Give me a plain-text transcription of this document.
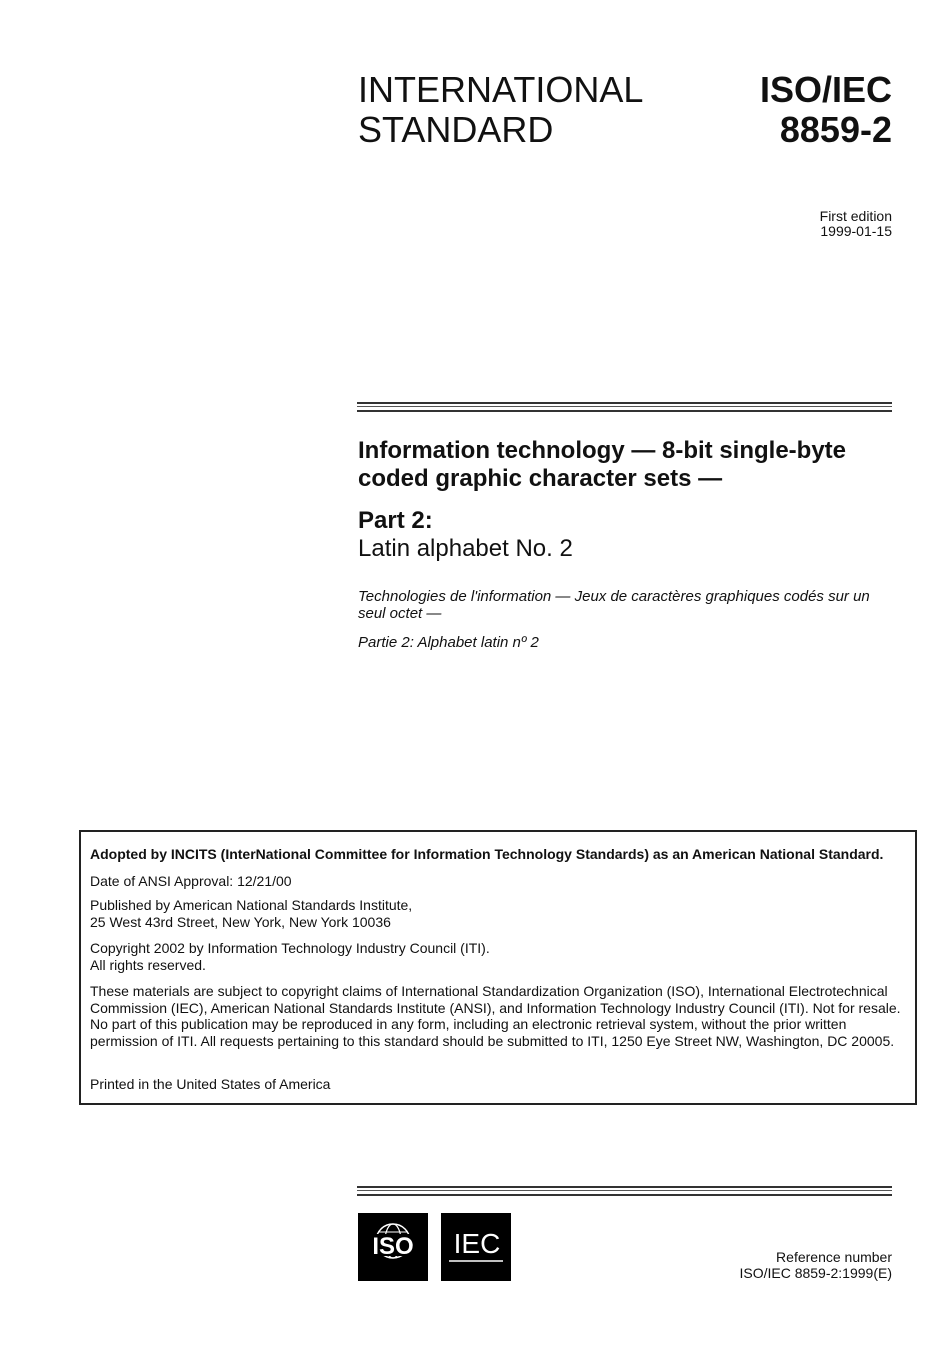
INTERNATIONAL
STANDARD
ISO/IEC
8859-2
First edition
1999-01-15
Information technology — 8-bit single-byte coded graphic character sets —
Part 2:
Latin alphabet No. 2
Technologies de l'information — Jeux de caractères graphiques codés sur un seul octet —
Partie 2: Alphabet latin nº 2

Adopted by INCITS (InterNational Committee for Information Technology Standards) as an American National Standard.

Date of ANSI Approval: 12/21/00

Published by American National Standards Institute,
25 West 43rd Street, New York, New York 10036

Copyright 2002 by Information Technology Industry Council (ITI).
All rights reserved.

These materials are subject to copyright claims of International Standardization Organization (ISO), International Electrotechnical Commission (IEC), American National Standards Institute (ANSI), and Information Technology Industry Council (ITI). Not for resale. No part of this publication may be reproduced in any form, including an electronic retrieval system, without the prior written permission of ITI. All requests pertaining to this standard should be submitted to ITI, 1250 Eye Street NW, Washington, DC 20005.

Printed in the United States of America

ISO IEC	Reference number
ISO/IEC 8859-2:1999(E)
